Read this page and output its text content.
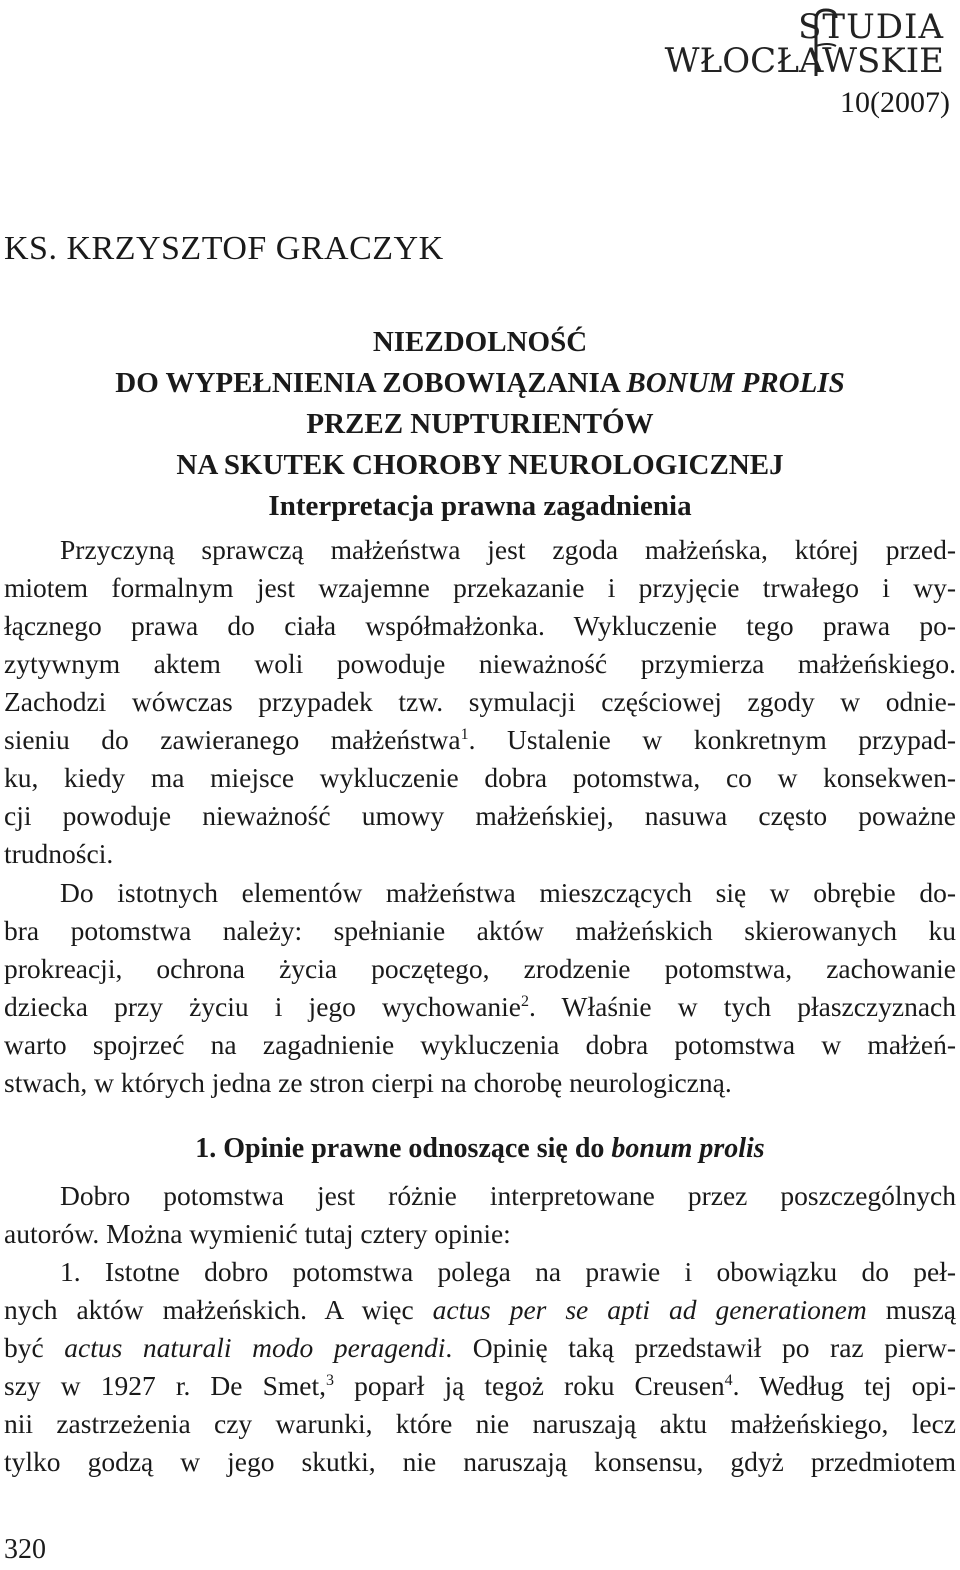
STUDIA
WŁOCŁAWSKIE
10(2007)
KS. KRZYSZTOF GRACZYK
NIEZDOLNOŚĆ
DO WYPEŁNIENIA ZOBOWIĄZANIA BONUM PROLIS
PRZEZ NUPTURIENTÓW
NA SKUTEK CHOROBY NEUROLOGICZNEJ
Interpretacja prawna zagadnienia
Przyczyną sprawczą małżeństwa jest zgoda małżeńska, której przed-
miotem formalnym jest wzajemne przekazanie i przyjęcie trwałego i wy-
łącznego prawa do ciała współmałżonka. Wykluczenie tego prawa po-
zytywnym aktem woli powoduje nieważność przymierza małżeńskiego.
Zachodzi wówczas przypadek tzw. symulacji częściowej zgody w odnie-
sieniu do zawieranego małżeństwa$^1$. Ustalenie w konkretnym przypad-
ku, kiedy ma miejsce wykluczenie dobra potomstwa, co w konsekwen-
cji powoduje nieważność umowy małżeńskiej, nasuwa często poważne
trudności.
Do istotnych elementów małżeństwa mieszczących się w obrębie do-
bra potomstwa należy: spełnianie aktów małżeńskich skierowanych ku
prokreacji, ochrona życia poczętego, zrodzenie potomstwa, zachowanie
dziecka przy życiu i jego wychowanie$^2$. Właśnie w tych płaszczyznach
warto spojrzeć na zagadnienie wykluczenia dobra potomstwa w małżeń-
stwach, w których jedna ze stron cierpi na chorobę neurologiczną.
1. Opinie prawne odnoszące się do bonum prolis
Dobro potomstwa jest różnie interpretowane przez poszczególnych
autorów. Można wymienić tutaj cztery opinie:
1. Istotne dobro potomstwa polega na prawie i obowiązku do peł-
nych aktów małżeńskich. A więc actus per se apti ad generationem muszą
być actus naturali modo peragendi. Opinię taką przedstawił po raz pierw-
szy w 1927 r. De Smet,$^3$ poparł ją tegoż roku Creusen$^4$. Według tej opi-
nii zastrzeżenia czy warunki, które nie naruszają aktu małżeńskiego, lecz
tylko godzą w jego skutki, nie naruszają konsensu, gdyż przedmiotem
320
